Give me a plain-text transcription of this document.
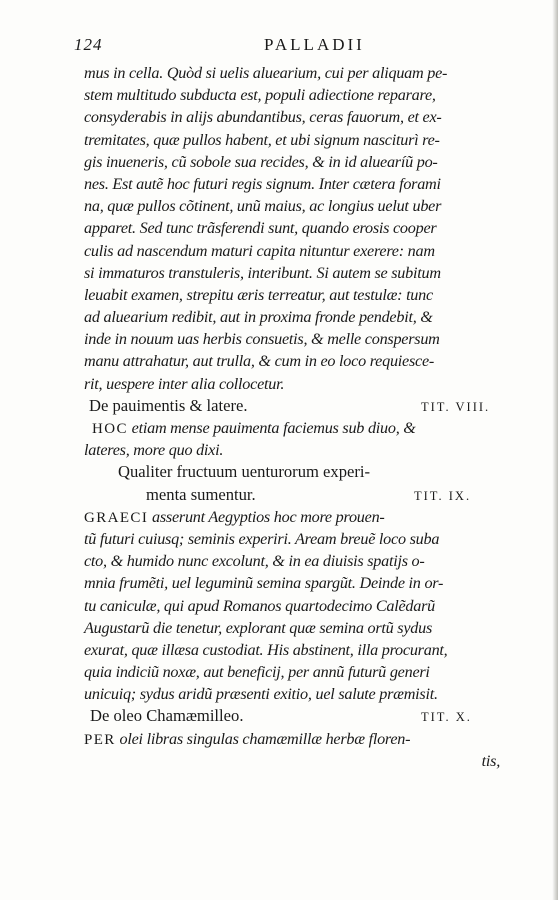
124	PALLADII
mus in cella. Quòd si uelis aluearium, cui per aliquam pe-
stem multitudo subducta est, populi adiectione reparare,
consyderabis in alijs abundantibus, ceras fauorum, et ex-
tremitates, quæ pullos habent, et ubi signum nasciturì re-
gis inueneris, cũ sobole sua recides, & in id aluearíũ po-
nes. Est autẽ hoc futuri regis signum. Inter cætera forami
na, quæ pullos cõtinent, unũ maius, ac longius uelut uber
apparet. Sed tunc trãsferendi sunt, quando erosis cooper
culis ad nascendum maturi capita nituntur exerere: nam
si immaturos transtuleris, interibunt. Si autem se subitum
leuabit examen, strepitu æris terreatur, aut testulæ: tunc
ad aluearium redibit, aut in proxima fronde pendebit, &
inde in nouum uas herbis consuetis, & melle conspersum
manu attrahatur, aut trulla, & cum in eo loco requiesce-
rit, uespere inter alia collocetur.
De pauimentis & latere.	TIT. VIII.
HOC etiam mense pauimenta faciemus sub diuo, &
lateres, more quo dixi.
Qualiter fructuum uenturorum experi-
menta sumentur.	TIT. IX.
GRAECI asserunt Aegyptios hoc more prouen-
tũ futuri cuiusq; seminis experiri. Aream breuẽ loco suba
cto, & humido nunc excolunt, & in ea diuisis spatijs o-
mnia frumẽti, uel leguminũ semina spargũt. Deinde in or-
tu caniculæ, qui apud Romanos quartodecimo Calẽdarũ
Augustarũ die tenetur, explorant quæ semina ortũ sydus
exurat, quæ illæsa custodiat. His abstinent, illa procurant,
quia indiciũ noxæ, aut beneficij, per annũ futurũ generi
unicuiq; sydus aridũ præsenti exitio, uel salute præmisit.
De oleo Chamæmilleo.	TIT. X.
PER olei libras singulas chamæmillæ herbæ floren-
tis,
